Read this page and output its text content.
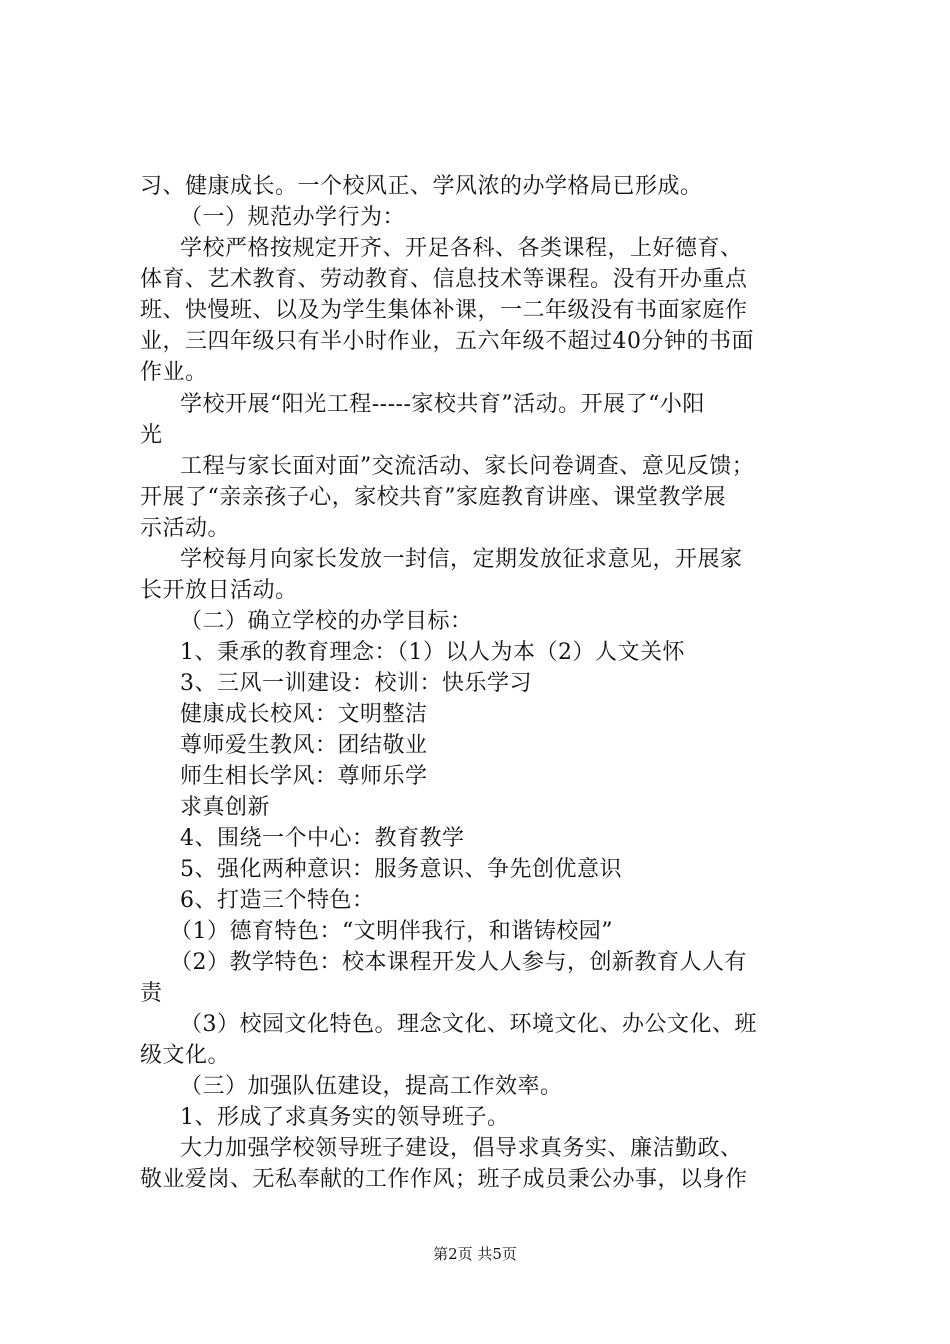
习、健康成长。一个校风正、学风浓的办学格局已形成。
（一）规范办学行为：
学校严格按规定开齐、开足各科、各类课程，上好德育、
体育、艺术教育、劳动教育、信息技术等课程。没有开办重点
班、快慢班、以及为学生集体补课，一二年级没有书面家庭作
业，三四年级只有半小时作业，五六年级不超过40分钟的书面
作业。
学校开展“阳光工程-----家校共育”活动。开展了“小阳
光
工程与家长面对面”交流活动、家长问卷调查、意见反馈；
开展了“亲亲孩子心，家校共育”家庭教育讲座、课堂教学展
示活动。
学校每月向家长发放一封信，定期发放征求意见，开展家
长开放日活动。
（二）确立学校的办学目标：
1、秉承的教育理念：（1）以人为本（2）人文关怀
3、三风一训建设：校训：快乐学习
健康成长校风：文明整洁
尊师爱生教风：团结敬业
师生相长学风：尊师乐学
求真创新
4、围绕一个中心：教育教学
5、强化两种意识：服务意识、争先创优意识
6、打造三个特色：
（1）德育特色：“文明伴我行，和谐铸校园”
（2）教学特色：校本课程开发人人参与，创新教育人人有
责
（3）校园文化特色。理念文化、环境文化、办公文化、班
级文化。
（三）加强队伍建设，提高工作效率。
1、形成了求真务实的领导班子。
大力加强学校领导班子建设，倡导求真务实、廉洁勤政、
敬业爱岗、无私奉献的工作作风；班子成员秉公办事，以身作
第2页 共5页
